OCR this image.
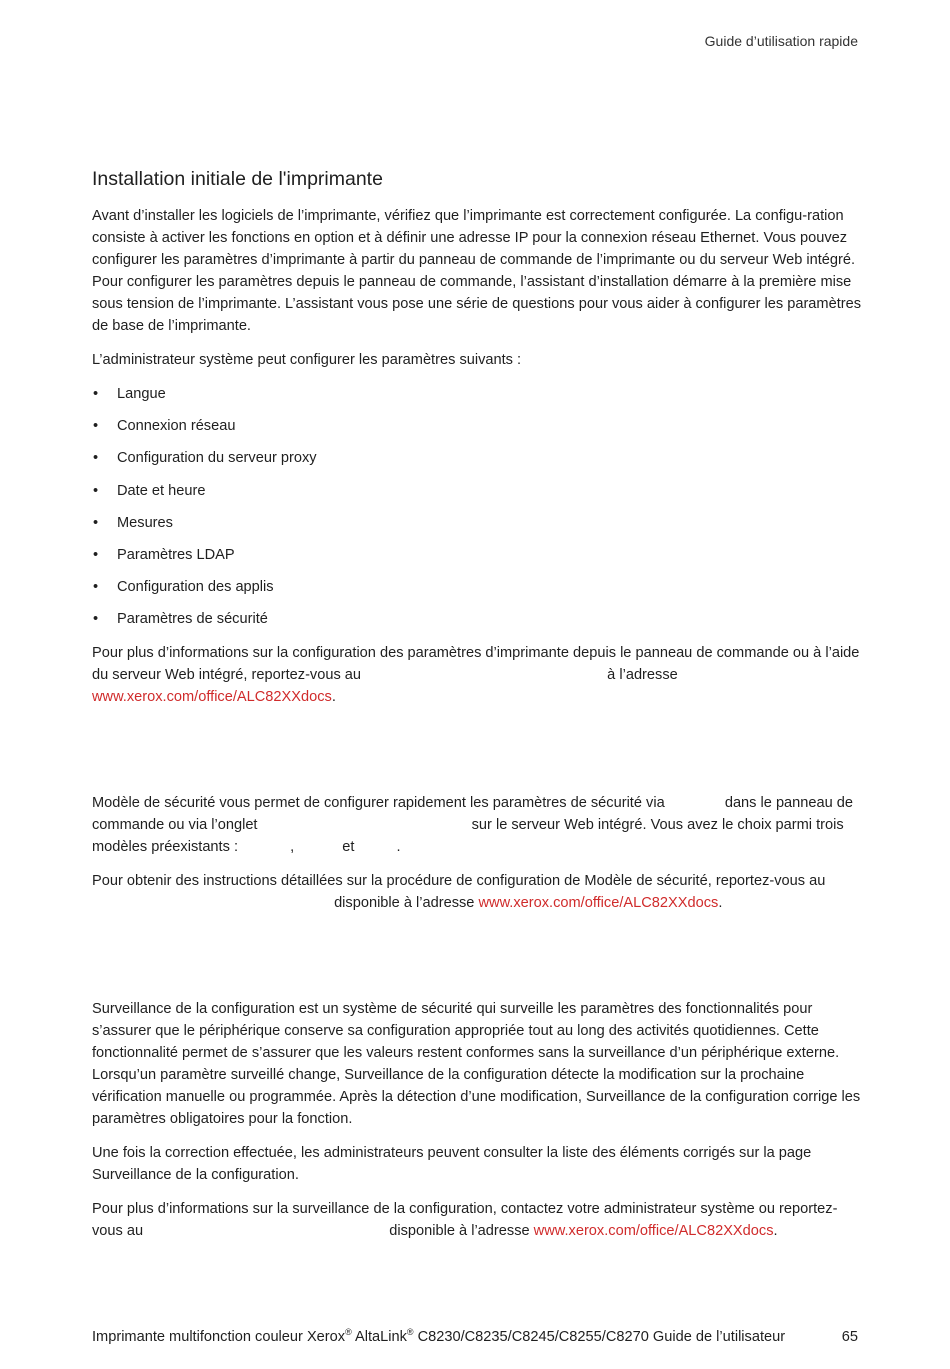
Guide d’utilisation rapide
Installation initiale de l'imprimante

Avant d’installer les logiciels de l’imprimante, vérifiez que l’imprimante est correctement configurée. La configu-ration consiste à activer les fonctions en option et à définir une adresse IP pour la connexion réseau Ethernet. Vous pouvez configurer les paramètres d’imprimante à partir du panneau de commande de l’imprimante ou du serveur Web intégré. Pour configurer les paramètres depuis le panneau de commande, l’assistant d’installation démarre à la première mise sous tension de l’imprimante. L’assistant vous pose une série de questions pour vous aider à configurer les paramètres de base de l’imprimante.

L’administrateur système peut configurer les paramètres suivants :

• Langue
• Connexion réseau
• Configuration du serveur proxy
• Date et heure
• Mesures
• Paramètres LDAP
• Configuration des applis
• Paramètres de sécurité

Pour plus d’informations sur la configuration des paramètres d’imprimante depuis le panneau de commande ou à l’aide du serveur Web intégré, reportez-vous au	à l’adresse www.xerox.com/office/ALC82XXdocs.

Modèle de sécurité vous permet de configurer rapidement les paramètres de sécurité via	dans le panneau de commande ou via l’onglet	sur le serveur Web intégré. Vous avez le choix parmi trois modèles préexistants :	,	et	.

Pour obtenir des instructions détaillées sur la procédure de configuration de Modèle de sécurité, reportez-vous au  disponible à l’adresse www.xerox.com/office/ALC82XXdocs.

Surveillance de la configuration est un système de sécurité qui surveille les paramètres des fonctionnalités pour s’assurer que le périphérique conserve sa configuration appropriée tout au long des activités quotidiennes. Cette fonctionnalité permet de s’assurer que les valeurs restent conformes sans la surveillance d’un périphérique externe. Lorsqu’un paramètre surveillé change, Surveillance de la configuration détecte la modification sur la prochaine vérification manuelle ou programmée. Après la détection d’une modification, Surveillance de la configuration corrige les paramètres obligatoires pour la fonction.

Une fois la correction effectuée, les administrateurs peuvent consulter la liste des éléments corrigés sur la page Surveillance de la configuration.

Pour plus d’informations sur la surveillance de la configuration, contactez votre administrateur système ou reportez-vous au	disponible à l’adresse www.xerox.com/office/ALC82XXdocs.

Imprimante multifonction couleur Xerox® AltaLink® C8230/C8235/C8245/C8255/C8270 Guide de l’utilisateur	65
